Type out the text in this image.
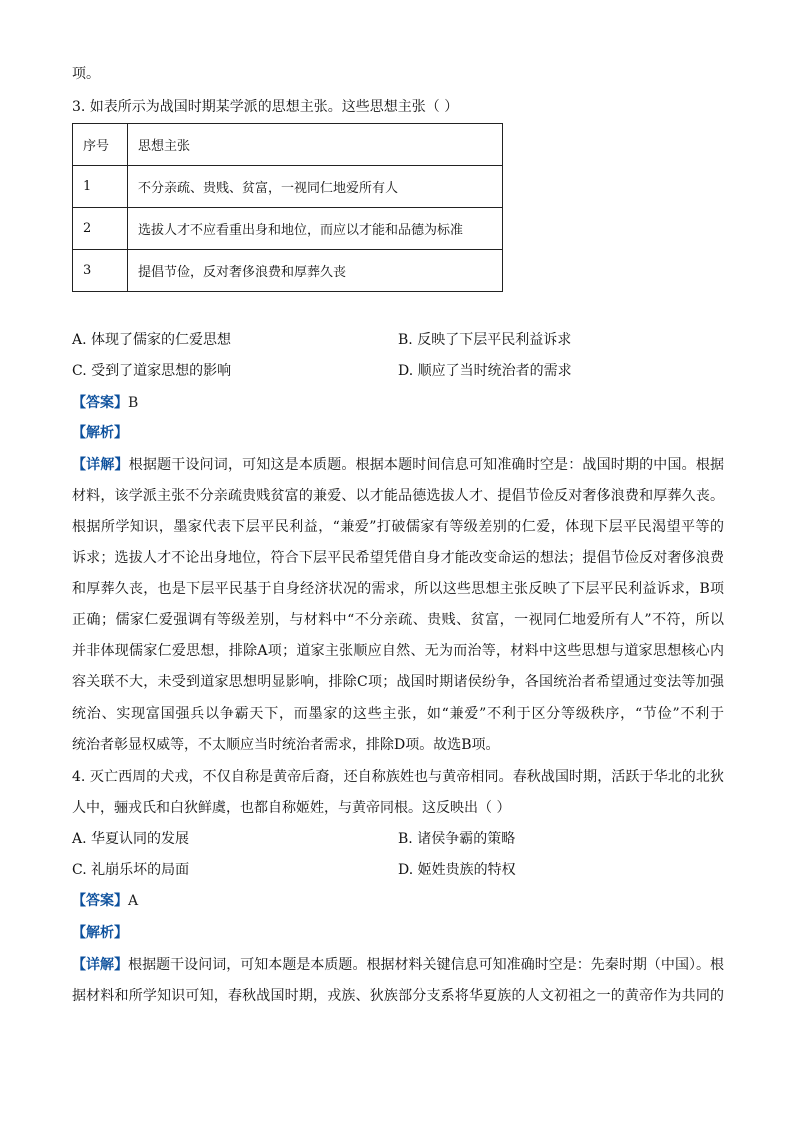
项。
3. 如表所示为战国时期某学派的思想主张。这些思想主张（ ）
序号	思想主张
1	不分亲疏、贵贱、贫富，一视同仁地爱所有人
2	选拔人才不应看重出身和地位，而应以才能和品德为标准
3	提倡节俭，反对奢侈浪费和厚葬久丧
A. 体现了儒家的仁爱思想	B. 反映了下层平民利益诉求
C. 受到了道家思想的影响	D. 顺应了当时统治者的需求
【答案】B
【解析】
【详解】根据题干设问词，可知这是本质题。根据本题时间信息可知准确时空是：战国时期的中国。根据
材料，该学派主张不分亲疏贵贱贫富的兼爱、以才能品德选拔人才、提倡节俭反对奢侈浪费和厚葬久丧。
根据所学知识，墨家代表下层平民利益，“兼爱”打破儒家有等级差别的仁爱，体现下层平民渴望平等的
诉求；选拔人才不论出身地位，符合下层平民希望凭借自身才能改变命运的想法；提倡节俭反对奢侈浪费
和厚葬久丧，也是下层平民基于自身经济状况的需求，所以这些思想主张反映了下层平民利益诉求，B项
正确；儒家仁爱强调有等级差别，与材料中“不分亲疏、贵贱、贫富，一视同仁地爱所有人”不符，所以
并非体现儒家仁爱思想，排除A项；道家主张顺应自然、无为而治等，材料中这些思想与道家思想核心内
容关联不大，未受到道家思想明显影响，排除C项；战国时期诸侯纷争，各国统治者希望通过变法等加强
统治、实现富国强兵以争霸天下，而墨家的这些主张，如“兼爱”不利于区分等级秩序，“节俭”不利于
统治者彰显权威等，不太顺应当时统治者需求，排除D项。故选B项。
4. 灭亡西周的犬戎，不仅自称是黄帝后裔，还自称族姓也与黄帝相同。春秋战国时期，活跃于华北的北狄
人中，骊戎氏和白狄鲜虞，也都自称姬姓，与黄帝同根。这反映出（ ）
A. 华夏认同的发展	B. 诸侯争霸的策略
C. 礼崩乐坏的局面	D. 姬姓贵族的特权
【答案】A
【解析】
【详解】根据题干设问词，可知本题是本质题。根据材料关键信息可知准确时空是：先秦时期（中国）。根
据材料和所学知识可知，春秋战国时期，戎族、狄族部分支系将华夏族的人文初祖之一的黄帝作为共同的
